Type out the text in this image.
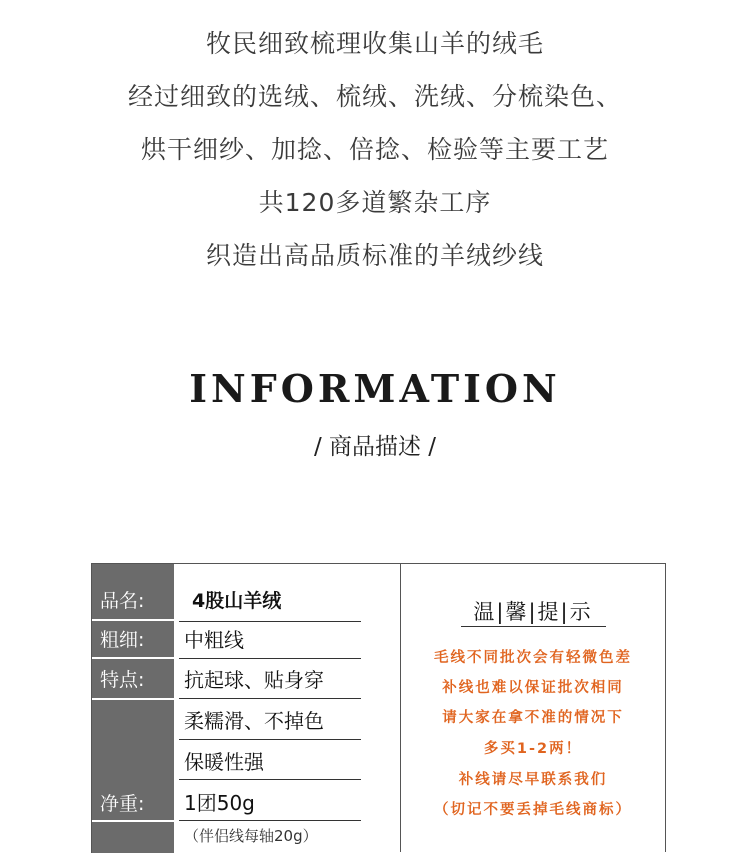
牧民细致梳理收集山羊的绒毛
经过细致的选绒、梳绒、洗绒、分梳染色、
烘干细纱、加捻、倍捻、检验等主要工艺
共120多道繁杂工序
织造出高品质标准的羊绒纱线
INFORMATION
/ 商品描述 /
品名:
粗细:
特点:
净重:
4股山羊绒
中粗线
抗起球、贴身穿
柔糯滑、不掉色
保暖性强
1团50g
（伴侣线每轴20g）
温|馨|提|示
毛线不同批次会有轻微色差
补线也难以保证批次相同
请大家在拿不准的情况下
多买1-2两！
补线请尽早联系我们
（切记不要丢掉毛线商标）
